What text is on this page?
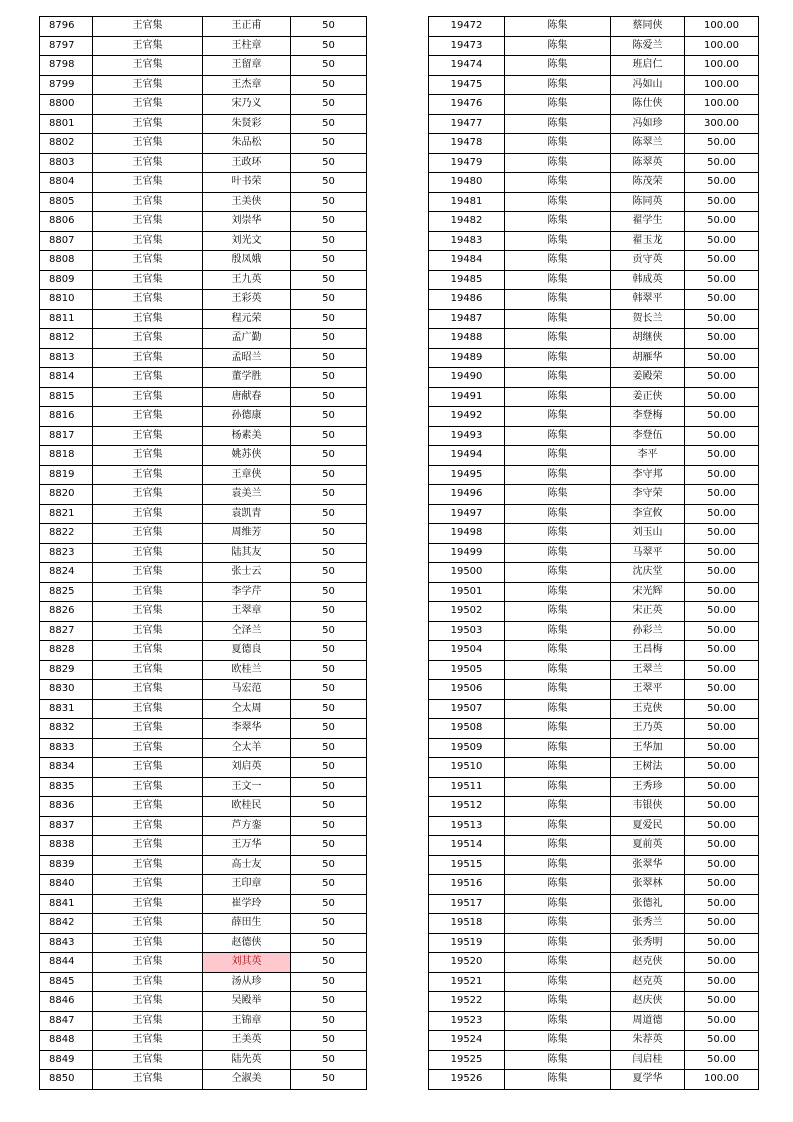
8796	王官集	王正甫	50
8797	王官集	王柱章	50
8798	王官集	王留章	50
8799	王官集	王杰章	50
8800	王官集	宋乃义	50
8801	王官集	朱贤彩	50
8802	王官集	朱品松	50
8803	王官集	王政环	50
8804	王官集	叶书荣	50
8805	王官集	王美侠	50
8806	王官集	刘崇华	50
8807	王官集	刘光文	50
8808	王官集	殷凤娥	50
8809	王官集	王九英	50
8810	王官集	王彩英	50
8811	王官集	程元荣	50
8812	王官集	孟广勤	50
8813	王官集	孟昭兰	50
8814	王官集	董学胜	50
8815	王官集	唐献春	50
8816	王官集	孙德康	50
8817	王官集	杨素美	50
8818	王官集	姚苏侠	50
8819	王官集	王章侠	50
8820	王官集	袁美兰	50
8821	王官集	袁凯青	50
8822	王官集	周维芳	50
8823	王官集	陆其友	50
8824	王官集	张士云	50
8825	王官集	李学芹	50
8826	王官集	王翠章	50
8827	王官集	仝泽兰	50
8828	王官集	夏德良	50
8829	王官集	欧桂兰	50
8830	王官集	马宏范	50
8831	王官集	仝太周	50
8832	王官集	李翠华	50
8833	王官集	仝太羊	50
8834	王官集	刘启英	50
8835	王官集	王文一	50
8836	王官集	欧桂民	50
8837	王官集	芦方銮	50
8838	王官集	王万华	50
8839	王官集	高士友	50
8840	王官集	王印章	50
8841	王官集	崔学玲	50
8842	王官集	薛田生	50
8843	王官集	赵德侠	50
8844	王官集	刘其英	50
8845	王官集	汤从珍	50
8846	王官集	吴殿举	50
8847	王官集	王锦章	50
8848	王官集	王美英	50
8849	王官集	陆先英	50
8850	王官集	仝淑美	50
19472	陈集	蔡同侠	100.00
19473	陈集	陈爱兰	100.00
19474	陈集	班启仁	100.00
19475	陈集	冯如山	100.00
19476	陈集	陈仕侠	100.00
19477	陈集	冯如珍	300.00
19478	陈集	陈翠兰	50.00
19479	陈集	陈翠英	50.00
19480	陈集	陈茂荣	50.00
19481	陈集	陈同英	50.00
19482	陈集	翟学生	50.00
19483	陈集	翟玉龙	50.00
19484	陈集	贡守英	50.00
19485	陈集	韩成英	50.00
19486	陈集	韩翠平	50.00
19487	陈集	贺长兰	50.00
19488	陈集	胡继侠	50.00
19489	陈集	胡雁华	50.00
19490	陈集	姜殿荣	50.00
19491	陈集	姜正侠	50.00
19492	陈集	李登梅	50.00
19493	陈集	李登伍	50.00
19494	陈集	李平	50.00
19495	陈集	李守邦	50.00
19496	陈集	李守荣	50.00
19497	陈集	李宣攸	50.00
19498	陈集	刘玉山	50.00
19499	陈集	马翠平	50.00
19500	陈集	沈庆堂	50.00
19501	陈集	宋光辉	50.00
19502	陈集	宋正英	50.00
19503	陈集	孙彩兰	50.00
19504	陈集	王昌梅	50.00
19505	陈集	王翠兰	50.00
19506	陈集	王翠平	50.00
19507	陈集	王克侠	50.00
19508	陈集	王乃英	50.00
19509	陈集	王华加	50.00
19510	陈集	王树法	50.00
19511	陈集	王秀珍	50.00
19512	陈集	韦银侠	50.00
19513	陈集	夏爱民	50.00
19514	陈集	夏前英	50.00
19515	陈集	张翠华	50.00
19516	陈集	张翠林	50.00
19517	陈集	张德礼	50.00
19518	陈集	张秀兰	50.00
19519	陈集	张秀明	50.00
19520	陈集	赵克侠	50.00
19521	陈集	赵克英	50.00
19522	陈集	赵庆侠	50.00
19523	陈集	周道德	50.00
19524	陈集	朱荐英	50.00
19525	陈集	闫启桂	50.00
19526	陈集	夏学华	100.00
